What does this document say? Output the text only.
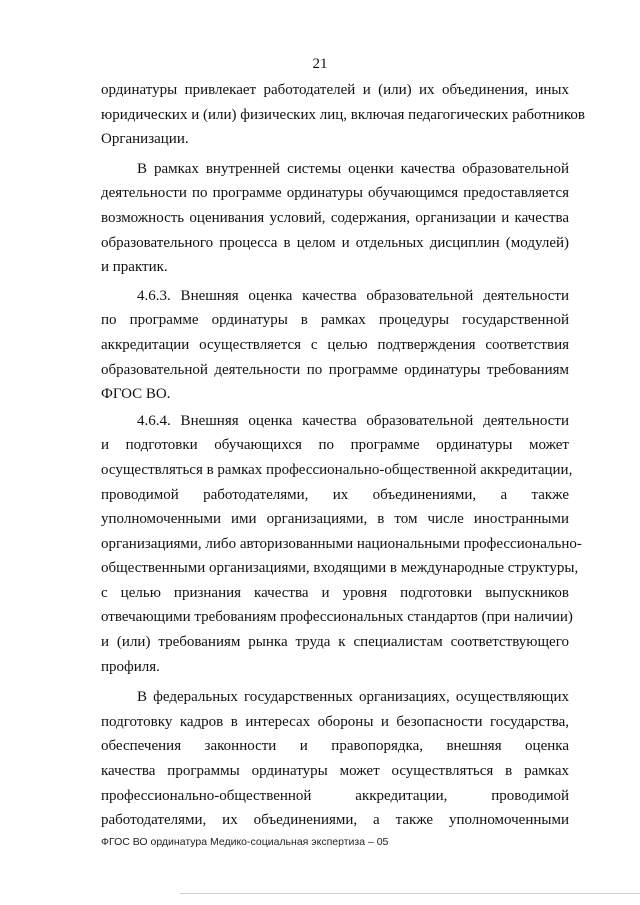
21

ординатуры привлекает работодателей и (или) их объединения, иных
юридических и (или) физических лиц, включая педагогических работников
Организации.

В рамках внутренней системы оценки качества образовательной
деятельности по программе ординатуры обучающимся предоставляется
возможность оценивания условий, содержания, организации и качества
образовательного процесса в целом и отдельных дисциплин (модулей)
и практик.

4.6.3. Внешняя оценка качества образовательной деятельности
по программе ординатуры в рамках процедуры государственной
аккредитации осуществляется с целью подтверждения соответствия
образовательной деятельности по программе ординатуры требованиям
ФГОС ВО.

4.6.4. Внешняя оценка качества образовательной деятельности
и подготовки обучающихся по программе ординатуры может
осуществляться в рамках профессионально-общественной аккредитации,
проводимой работодателями, их объединениями, а также
уполномоченными ими организациями, в том числе иностранными
организациями, либо авторизованными национальными профессионально-
общественными организациями, входящими в международные структуры,
с целью признания качества и уровня подготовки выпускников
отвечающими требованиям профессиональных стандартов (при наличии)
и (или) требованиям рынка труда к специалистам соответствующего
профиля.

В федеральных государственных организациях, осуществляющих
подготовку кадров в интересах обороны и безопасности государства,
обеспечения законности и правопорядка, внешняя оценка
качества программы ординатуры может осуществляться в рамках
профессионально-общественной аккредитации, проводимой
работодателями, их объединениями, а также уполномоченными

ФГОС ВО ординатура Медико-социальная экспертиза – 05
